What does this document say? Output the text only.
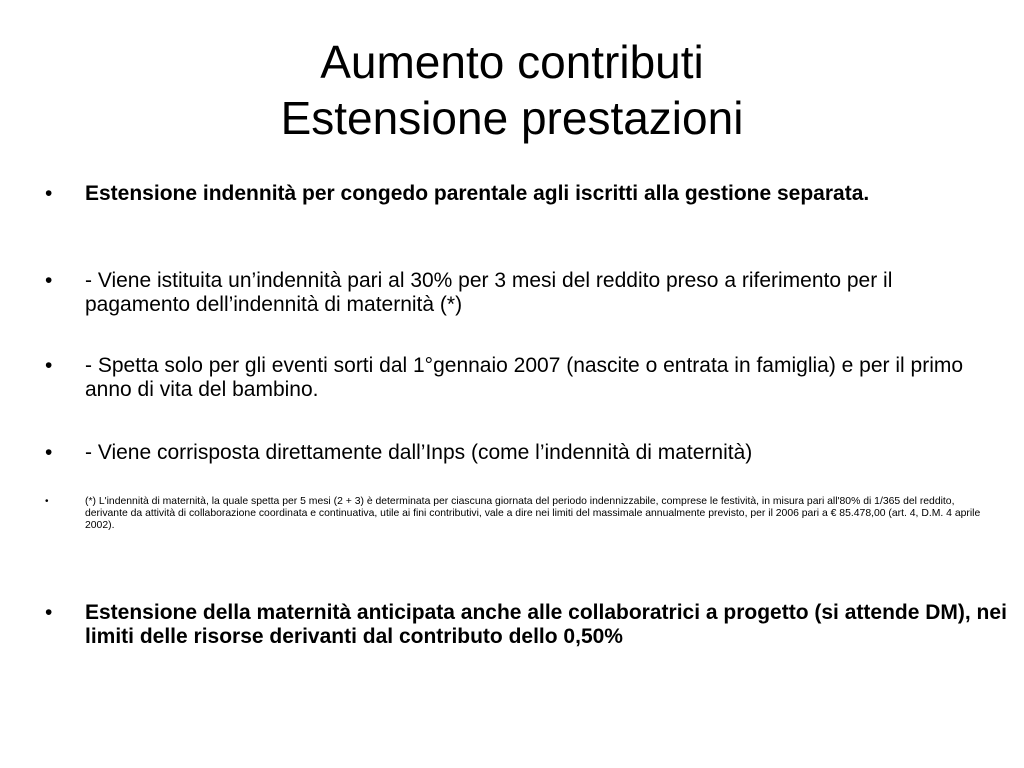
Aumento contributi
Estensione prestazioni
•	Estensione indennità per congedo parentale agli iscritti alla gestione separata.
•	- Viene istituita un’indennità pari al 30% per 3 mesi del reddito preso a riferimento per il pagamento dell’indennità di maternità (*)
•	- Spetta solo per gli eventi sorti dal 1°gennaio 2007 (nascite o entrata in famiglia) e per il primo anno di vita del bambino.
•	- Viene corrisposta direttamente dall’Inps (come l’indennità di maternità)
•	(*) L'indennità di maternità, la quale spetta per 5 mesi (2 + 3) è determinata per ciascuna giornata del periodo indennizzabile, comprese le festività, in misura pari all'80% di 1/365 del reddito, derivante da attività di collaborazione coordinata e continuativa, utile ai fini contributivi, vale a dire nei limiti del massimale annualmente previsto, per il 2006 pari a € 85.478,00 (art. 4, D.M. 4 aprile 2002).
•	Estensione della maternità anticipata anche alle collaboratrici a progetto (si attende DM), nei limiti delle risorse derivanti dal contributo dello 0,50%
